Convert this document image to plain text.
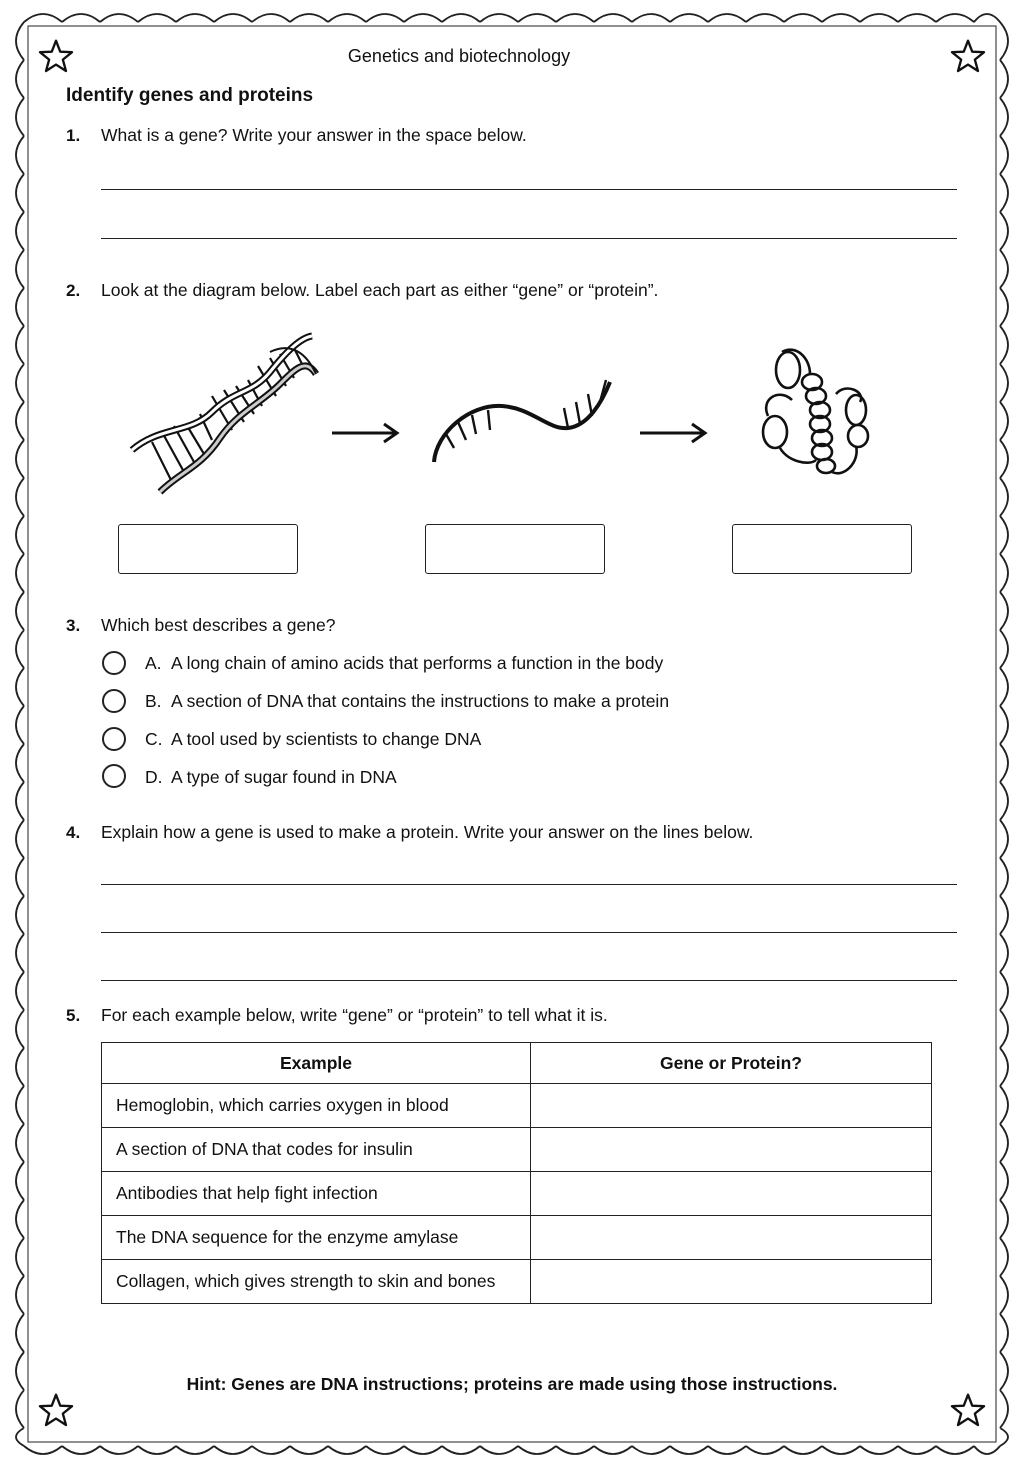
Genetics and biotechnology
Identify genes and proteins
1. What is a gene? Write your answer in the space below.
2. Look at the diagram below. Label each part as either “gene” or “protein”.
3. Which best describes a gene?
A. A long chain of amino acids that performs a function in the body
B. A section of DNA that contains the instructions to make a protein
C. A tool used by scientists to change DNA
D. A type of sugar found in DNA
4. Explain how a gene is used to make a protein. Write your answer on the lines below.
5. For each example below, write “gene” or “protein” to tell what it is.
Example	Gene or Protein?
Hemoglobin, which carries oxygen in blood	
A section of DNA that codes for insulin	
Antibodies that help fight infection	
The DNA sequence for the enzyme amylase	
Collagen, which gives strength to skin and bones	
Hint: Genes are DNA instructions; proteins are made using those instructions.
